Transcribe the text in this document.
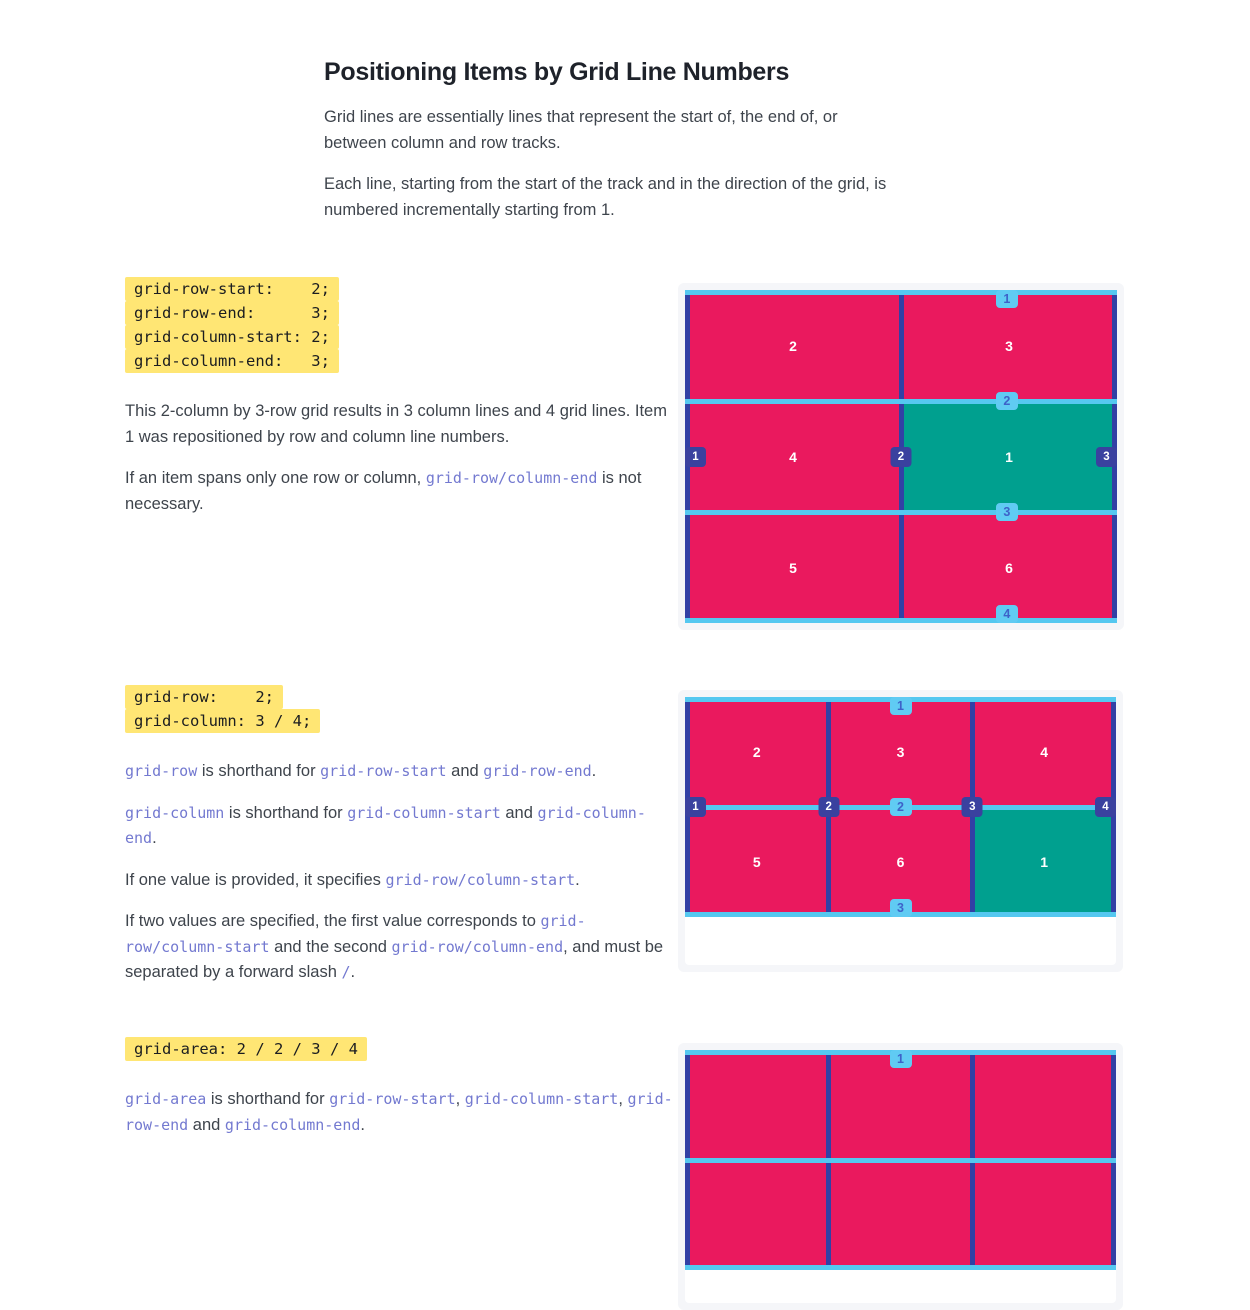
Positioning Items by Grid Line Numbers

Grid lines are essentially lines that represent the start of, the end of, or between column and row tracks.

Each line, starting from the start of the track and in the direction of the grid, is numbered incrementally starting from 1.

grid-row-start:    2;
grid-row-end:      3;
grid-column-start: 2;
grid-column-end:   3;

This 2-column by 3-row grid results in 3 column lines and 4 grid lines. Item 1 was repositioned by row and column line numbers.

If an item spans only one row or column, grid-row/column-end is not necessary.

2	3
4	1
5	6
1	2	3
1
2
3
4
grid-row:    2;
grid-column: 3 / 4;

grid-row is shorthand for grid-row-start and grid-row-end.

grid-column is shorthand for grid-column-start and grid-column-end.

If one value is provided, it specifies grid-row/column-start.

If two values are specified, the first value corresponds to grid-row/column-start and the second grid-row/column-end, and must be separated by a forward slash /.

2	3	4
5	6	1
1	2	3	4
1
2
3
grid-area: 2 / 2 / 3 / 4

grid-area is shorthand for grid-row-start, grid-column-start, grid-row-end and grid-column-end.

1
